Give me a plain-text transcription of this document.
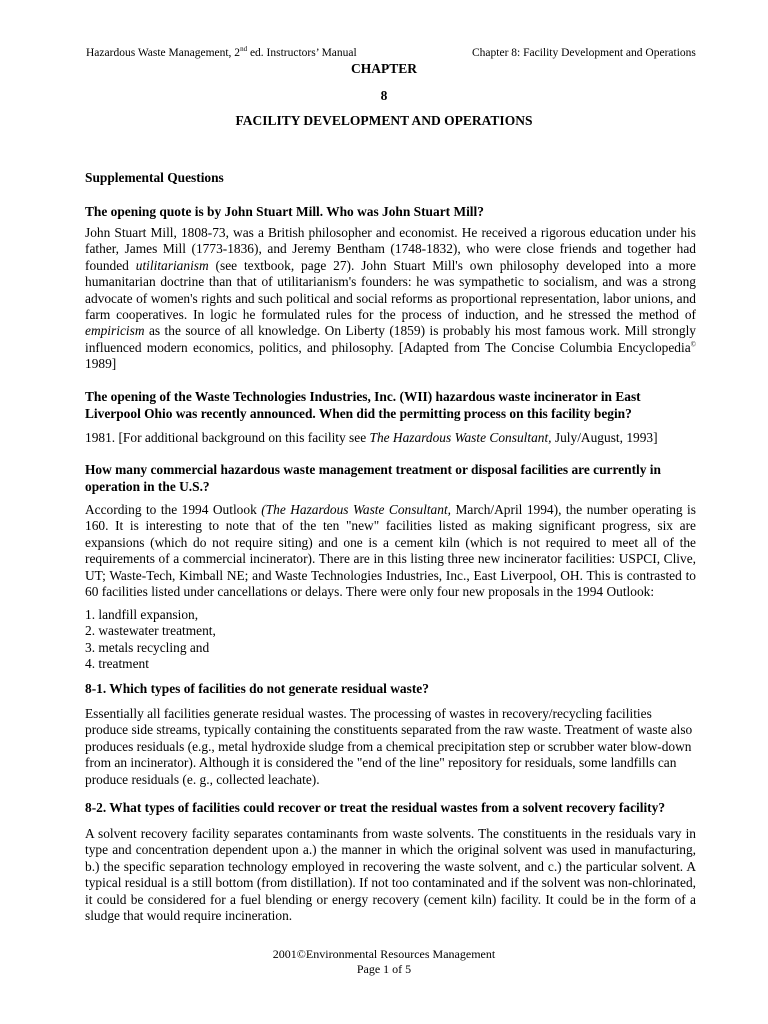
Hazardous Waste Management, 2nd ed. Instructors’ Manual	Chapter 8: Facility Development and Operations
CHAPTER
8
FACILITY DEVELOPMENT AND OPERATIONS
Supplemental Questions
The opening quote is by John Stuart Mill. Who was John Stuart Mill?
John Stuart Mill, 1808-73, was a British philosopher and economist. He received a rigorous education under his father, James Mill (1773-1836), and Jeremy Bentham (1748-1832), who were close friends and together had founded utilitarianism (see textbook, page 27). John Stuart Mill's own philosophy developed into a more humanitarian doctrine than that of utilitarianism's founders: he was sympathetic to socialism, and was a strong advocate of women's rights and such political and social reforms as proportional representation, labor unions, and farm cooperatives. In logic he formulated rules for the process of induction, and he stressed the method of empiricism as the source of all knowledge. On Liberty (1859) is probably his most famous work. Mill strongly influenced modern economics, politics, and philosophy. [Adapted from The Concise Columbia Encyclopedia© 1989]
The opening of the Waste Technologies Industries, Inc. (WII) hazardous waste incinerator in East Liverpool Ohio was recently announced. When did the permitting process on this facility begin?
1981. [For additional background on this facility see The Hazardous Waste Consultant, July/August, 1993]
How many commercial hazardous waste management treatment or disposal facilities are currently in operation in the U.S.?
According to the 1994 Outlook (The Hazardous Waste Consultant, March/April 1994), the number operating is 160. It is interesting to note that of the ten "new" facilities listed as making significant progress, six are expansions (which do not require siting) and one is a cement kiln (which is not required to meet all of the requirements of a commercial incinerator). There are in this listing three new incinerator facilities: USPCI, Clive, UT; Waste-Tech, Kimball NE; and Waste Technologies Industries, Inc., East Liverpool, OH. This is contrasted to 60 facilities listed under cancellations or delays. There were only four new proposals in the 1994 Outlook:
1. landfill expansion,
2. wastewater treatment,
3. metals recycling and
4. treatment
8-1. Which types of facilities do not generate residual waste?
Essentially all facilities generate residual wastes. The processing of wastes in recovery/recycling facilities produce side streams, typically containing the constituents separated from the raw waste. Treatment of waste also produces residuals (e.g., metal hydroxide sludge from a chemical precipitation step or scrubber water blow-down from an incinerator). Although it is considered the "end of the line" repository for residuals, some landfills can produce residuals (e. g., collected leachate).
8-2. What types of facilities could recover or treat the residual wastes from a solvent recovery facility?
A solvent recovery facility separates contaminants from waste solvents. The constituents in the residuals vary in type and concentration dependent upon a.) the manner in which the original solvent was used in manufacturing, b.) the specific separation technology employed in recovering the waste solvent, and c.) the particular solvent. A typical residual is a still bottom (from distillation). If not too contaminated and if the solvent was non-chlorinated, it could be considered for a fuel blending or energy recovery (cement kiln) facility. It could be in the form of a sludge that would require incineration.
2001©Environmental Resources Management
Page 1 of 5
